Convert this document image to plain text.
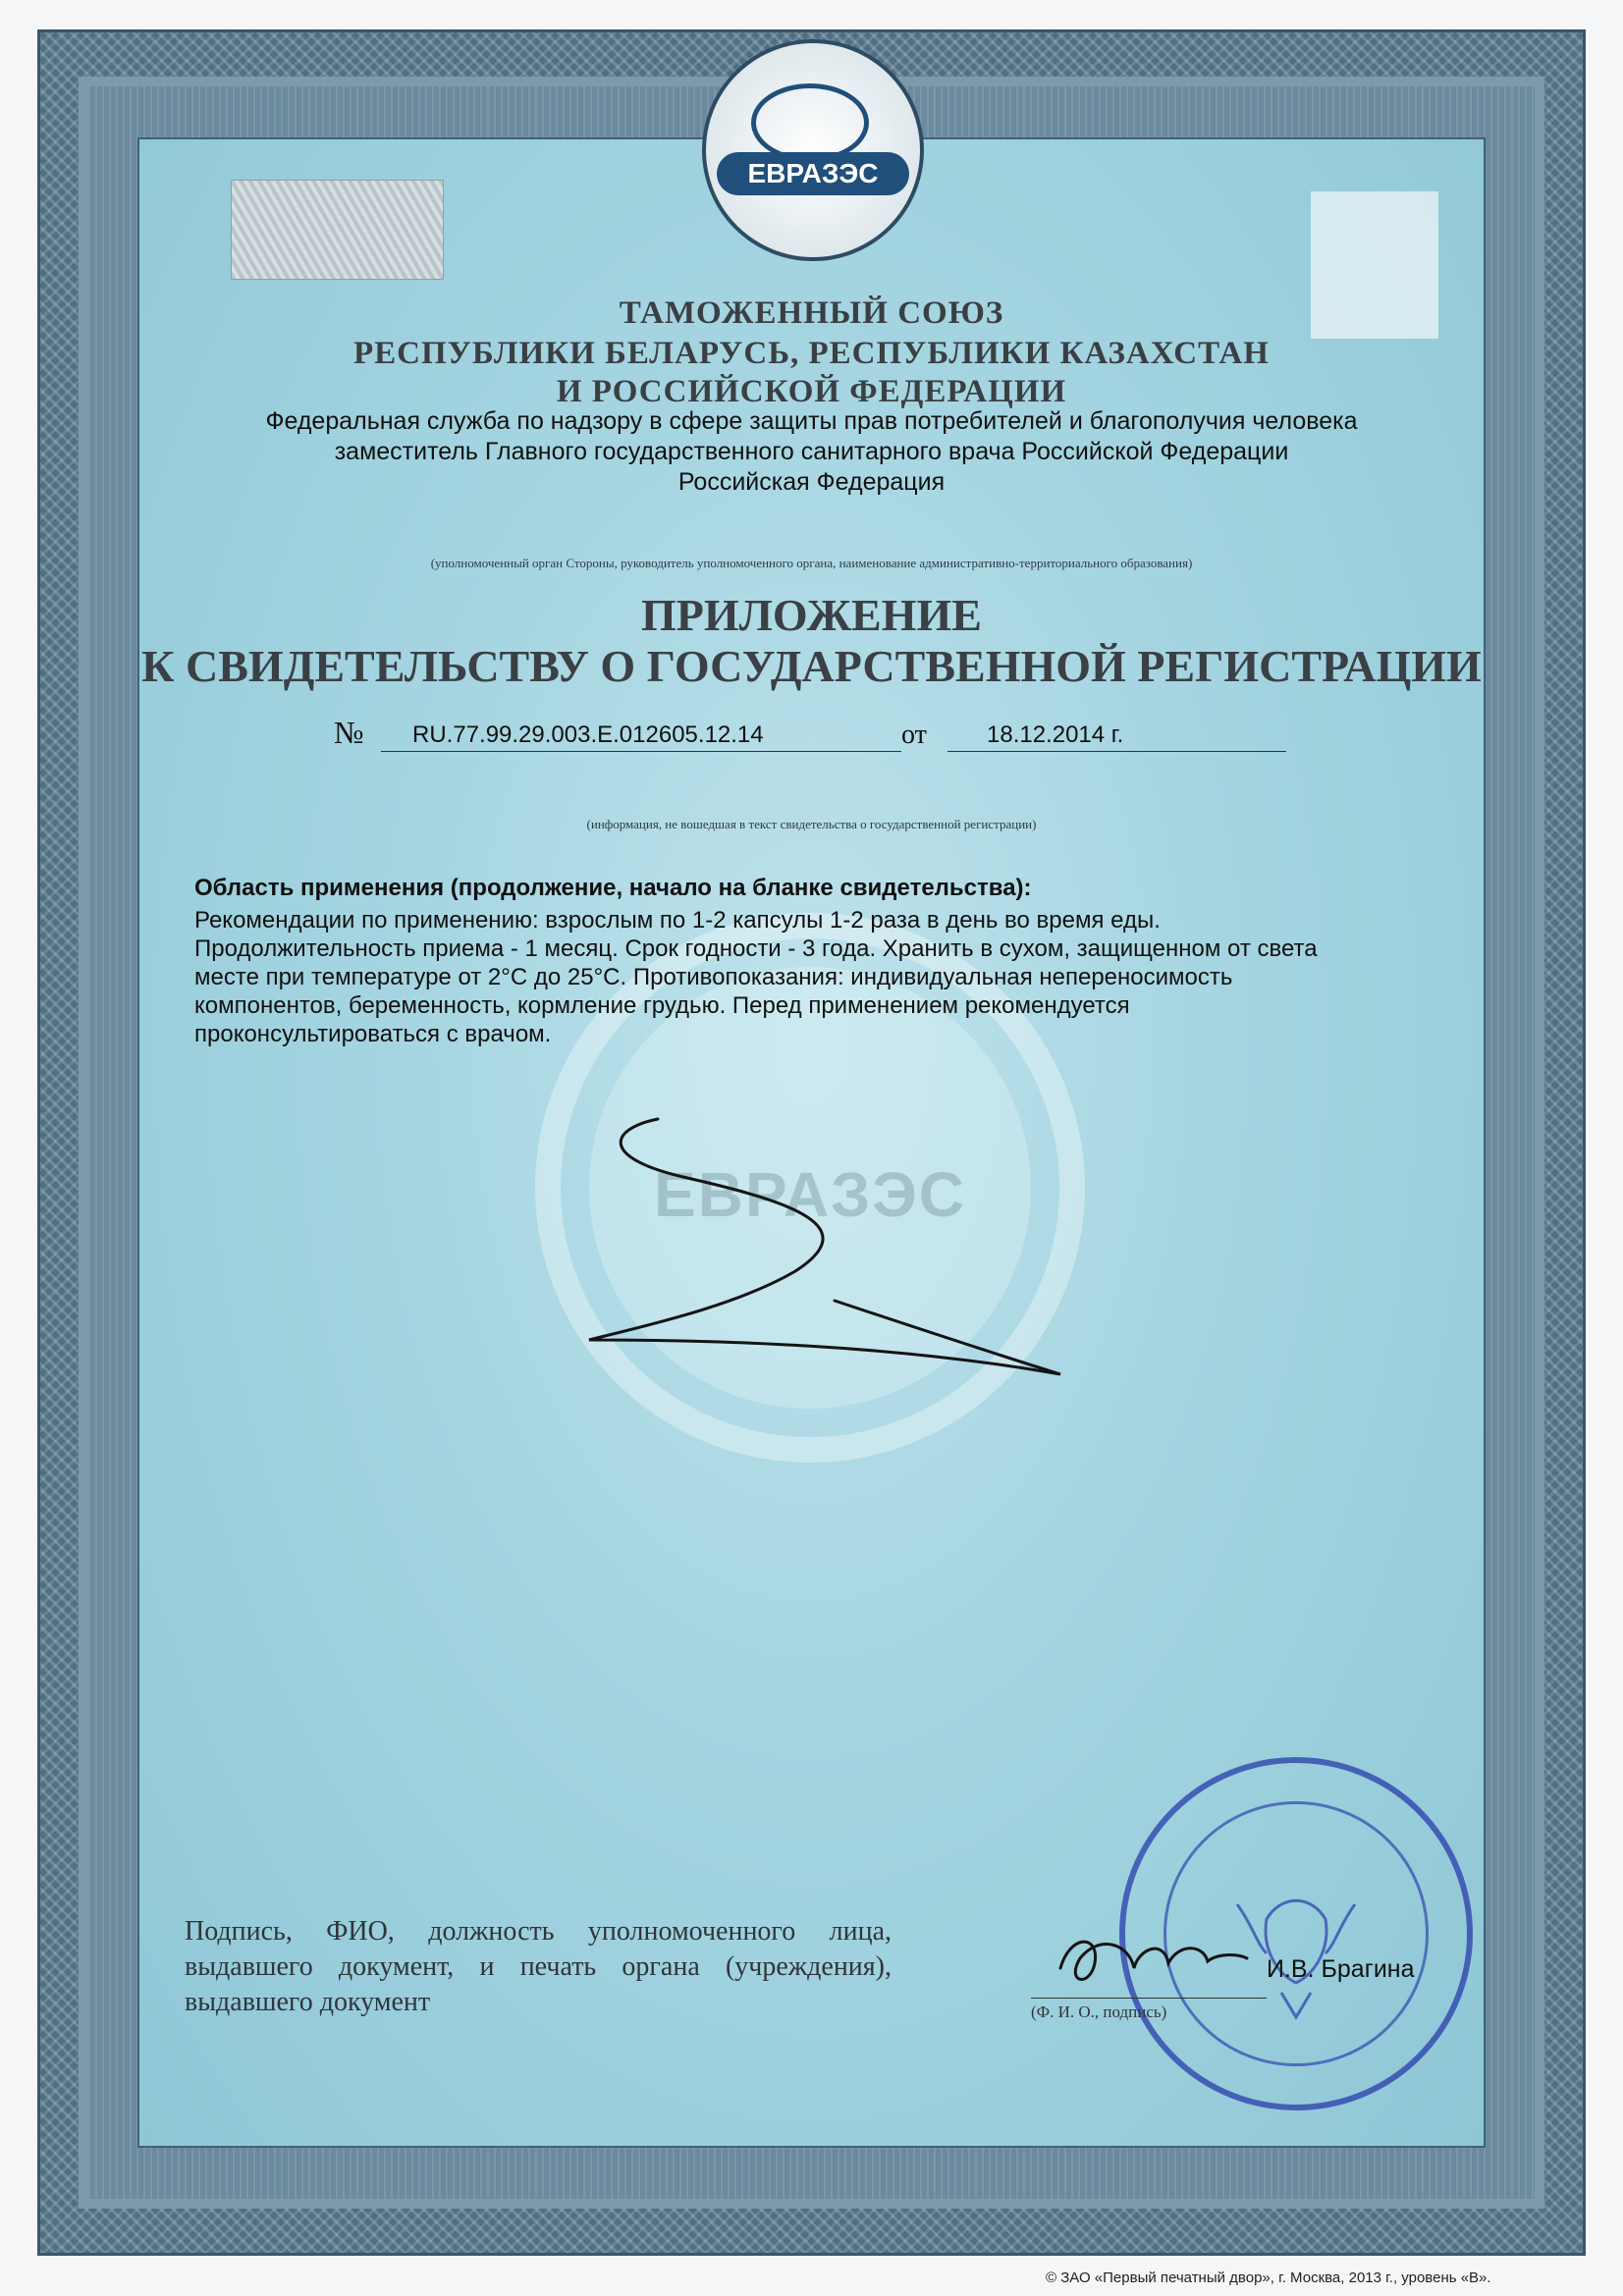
ЕВРАЗЭС
ЕВРАЗЭС
ТАМОЖЕННЫЙ СОЮЗ
РЕСПУБЛИКИ БЕЛАРУСЬ, РЕСПУБЛИКИ КАЗАХСТАН
И РОССИЙСКОЙ ФЕДЕРАЦИИ
Федеральная служба по надзору в сфере защиты прав потребителей и благополучия человека
заместитель Главного государственного санитарного врача Российской Федерации
Российская Федерация
(уполномоченный орган Стороны, руководитель уполномоченного органа, наименование административно-территориального образования)
ПРИЛОЖЕНИЕ
К СВИДЕТЕЛЬСТВУ О ГОСУДАРСТВЕННОЙ РЕГИСТРАЦИИ
№ RU.77.99.29.003.Е.012605.12.14	от	18.12.2014 г.
(информация, не вошедшая в текст свидетельства о государственной регистрации)
Область применения (продолжение, начало на бланке свидетельства):
Рекомендации по применению: взрослым по 1-2 капсулы 1-2 раза в день во время еды. Продолжительность приема - 1 месяц. Срок годности - 3 года. Хранить в сухом, защищенном от света месте при температуре от 2°С до 25°С. Противопоказания: индивидуальная непереносимость компонентов, беременность, кормление грудью. Перед применением рекомендуется проконсультироваться с врачом.
Подпись, ФИО, должность уполномоченного лица, выдавшего документ, и печать органа (учреждения), выдавшего документ
И.В. Брагина
(Ф. И. О., подпись)
© ЗАО «Первый печатный двор», г. Москва, 2013 г., уровень «В».
